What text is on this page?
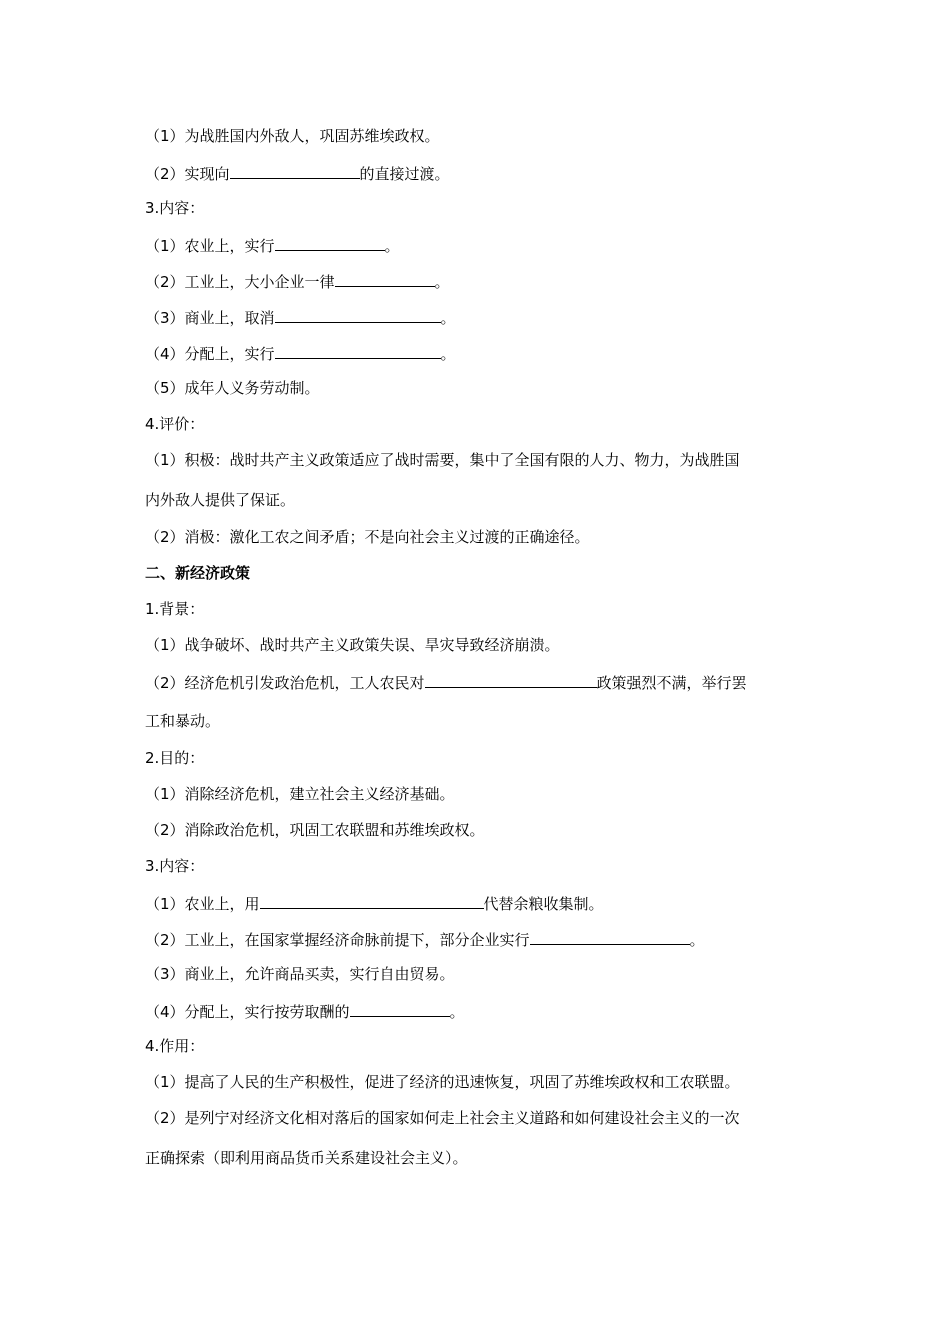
（1）为战胜国内外敌人，巩固苏维埃政权。
（2）实现向	的直接过渡。
3.内容：
（1）农业上，实行	。
（2）工业上，大小企业一律	。
（3）商业上，取消	。
（4）分配上，实行	。
（5）成年人义务劳动制。
4.评价：
（1）积极：战时共产主义政策适应了战时需要，集中了全国有限的人力、物力，为战胜国
内外敌人提供了保证。
（2）消极：激化工农之间矛盾；不是向社会主义过渡的正确途径。
二、新经济政策
1.背景：
（1）战争破坏、战时共产主义政策失误、旱灾导致经济崩溃。
（2）经济危机引发政治危机，工人农民对	政策强烈不满，举行罢
工和暴动。
2.目的：
（1）消除经济危机，建立社会主义经济基础。
（2）消除政治危机，巩固工农联盟和苏维埃政权。
3.内容：
（1）农业上，用	代替余粮收集制。
（2）工业上，在国家掌握经济命脉前提下，部分企业实行	。
（3）商业上，允许商品买卖，实行自由贸易。
（4）分配上，实行按劳取酬的	。
4.作用：
（1）提高了人民的生产积极性，促进了经济的迅速恢复，巩固了苏维埃政权和工农联盟。
（2）是列宁对经济文化相对落后的国家如何走上社会主义道路和如何建设社会主义的一次
正确探索（即利用商品货币关系建设社会主义）。
